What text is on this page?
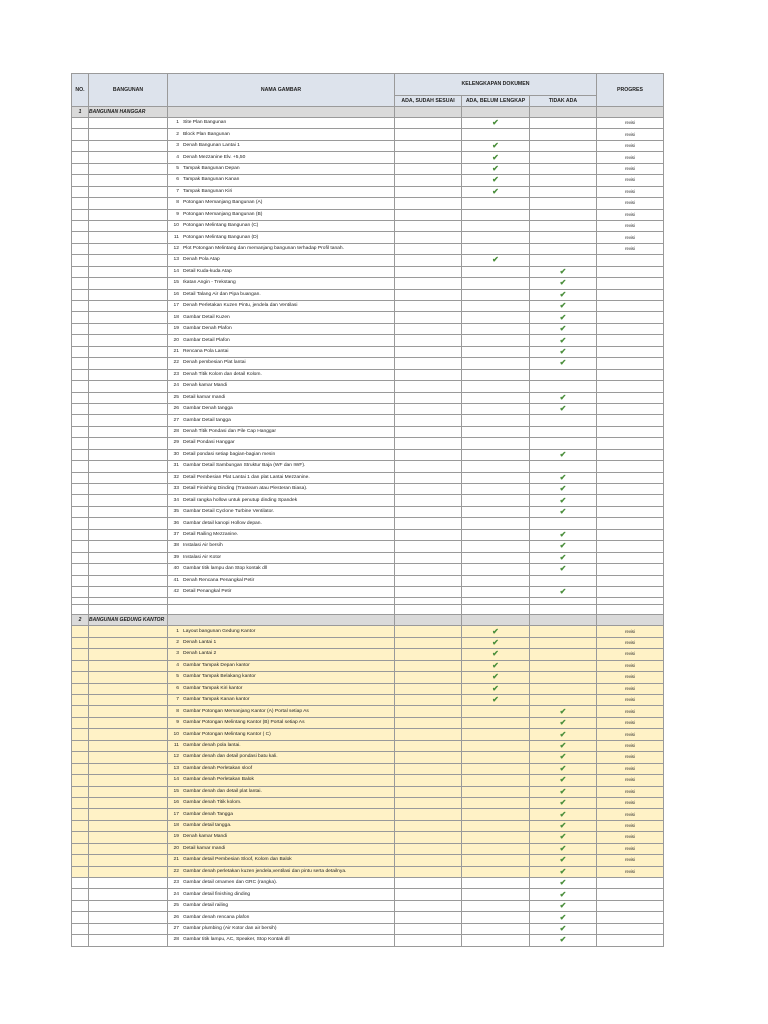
NO.	BANGUNAN	NAMA GAMBAR	KELENGKAPAN DOKUMEN			PROGRES
			ADA, SUDAH SESUAI	ADA, BELUM LENGKAP	TIDAK ADA	
1	BANGUNAN HANGGAR					
		1 Site Plan Bangunan		✔		revisi
		2 Block Plan Bangunan				revisi
		3 Denah Bangunan Lantai 1		✔		revisi
		4 Denah Mezzanine Elv. +5,50		✔		revisi
		5 Tampak Bangunan Depan		✔		revisi
		6 Tampak Bangunan Kanan		✔		revisi
		7 Tampak Bangunan Kiri		✔		revisi
		8 Potongan Memanjang Bangunan (A)				revisi
		9 Potongan Memanjang Bangunan (B)				revisi
		10 Potongan Melintang Bangunan (C)				revisi
		11 Potongan Melintang Bangunan (D)				revisi
		12 Plot Potongan Melintang dan memanjang bangunan terhadap Profil tanah.				revisi
		13 Denah Pola Atap		✔		
		14 Detail Kuda-kuda Atap			✔	
		15 Ikatan Angin - Trekstang			✔	
		16 Detail Talang Air dan Pipa buangan.			✔	
		17 Denah Perletakan Kuzen Pintu, jendela dan Ventilasi			✔	
		18 Gambar Detail Kuzen			✔	
		19 Gambar Denah Plafon			✔	
		20 Gambar Detail Plafon			✔	
		21 Rencana Pola Lantai			✔	
		22 Denah pembesian Plat lantai			✔	
		23 Denah Titik Kolom dan detail Kolom.				
		24 Denah kamar Mandi				
		25 Detail kamar mandi			✔	
		26 Gambar Denah tangga			✔	
		27 Gambar Detail tangga				
		28 Denah Titik Pondasi dan Pile Cap Hanggar				
		29 Detail Pondasi Hanggar				
		30 Detail pondasi setiap bagian-bagian mesin			✔	
		31 Gambar Detail Sambungan Struktur Baja (WF dan IWF).				
		32 Detail Pembesian Plat Lantai 1 dan plat Lantai Mezzanine.			✔	
		33 Detail Finishing Dinding (Trasteam atau Plesteran Biasa).			✔	
		34 Detail rangka hollow untuk penutup dinding Spandek			✔	
		35 Gambar Detail Cyclone Turbine Ventilator.			✔	
		36 Gambar detail kanopi Hollow depan.				
		37 Detail Railing Mezzanine.			✔	
		38 Instalasi Air bersih			✔	
		39 Instalasi Air Kotor			✔	
		40 Gambar titik lampu dan Stop kontak dll			✔	
		41 Denah Rencana Penangkal Petir				
		42 Detail Penangkal Petir			✔	

2	BANGUNAN GEDUNG KANTOR					
		1 Layout bangunan Gedung Kantor		✔		revisi
		2 Denah Lantai 1		✔		revisi
		3 Denah Lantai 2		✔		revisi
		4 Gambar Tampak Depan kantor		✔		revisi
		5 Gambar Tampak Belakang kantor		✔		revisi
		6 Gambar Tampak Kiri kantor		✔		revisi
		7 Gambar Tampak Kanan kantor		✔		revisi
		8 Gambar Potongan Memanjang Kantor (A) Portal setiap As			✔	revisi
		9 Gambar Potongan Melintang Kantor (B) Portal setiap As			✔	revisi
		10 Gambar Potongan Melintang Kantor ( C)			✔	revisi
		11 Gambar denah pola lantai.			✔	revisi
		12 Gambar denah dan detail pondasi batu kali.			✔	revisi
		13 Gambar denah Perletakan sloof			✔	revisi
		14 Gambar denah Perletakan Balok			✔	revisi
		15 Gambar denah dan detail plat lantai.			✔	revisi
		16 Gambar denah Titik kolom.			✔	revisi
		17 Gambar denah Tangga			✔	revisi
		18 Gambar detail tangga.			✔	revisi
		19 Denah kamar Mandi			✔	revisi
		20 Detail kamar mandi			✔	revisi
		21 Gambar detail Pembesian Sloof, Kolom dan Balok			✔	revisi
		22 Gambar denah perletakan kuzen jendela,ventilasi dan pintu serta detailnya.			✔	revisi
		23 Gambar detail ornamen dan GRC (rangka).			✔	
		24 Gambar detail finishing dinding			✔	
		25 Gambar detail railing			✔	
		26 Gambar denah rencana plafon			✔	
		27 Gambar plumbing (Air Kotor dan air bersih)			✔	
		28 Gambar titik lampu, AC, Speaker, Stop Kontak dll			✔	
